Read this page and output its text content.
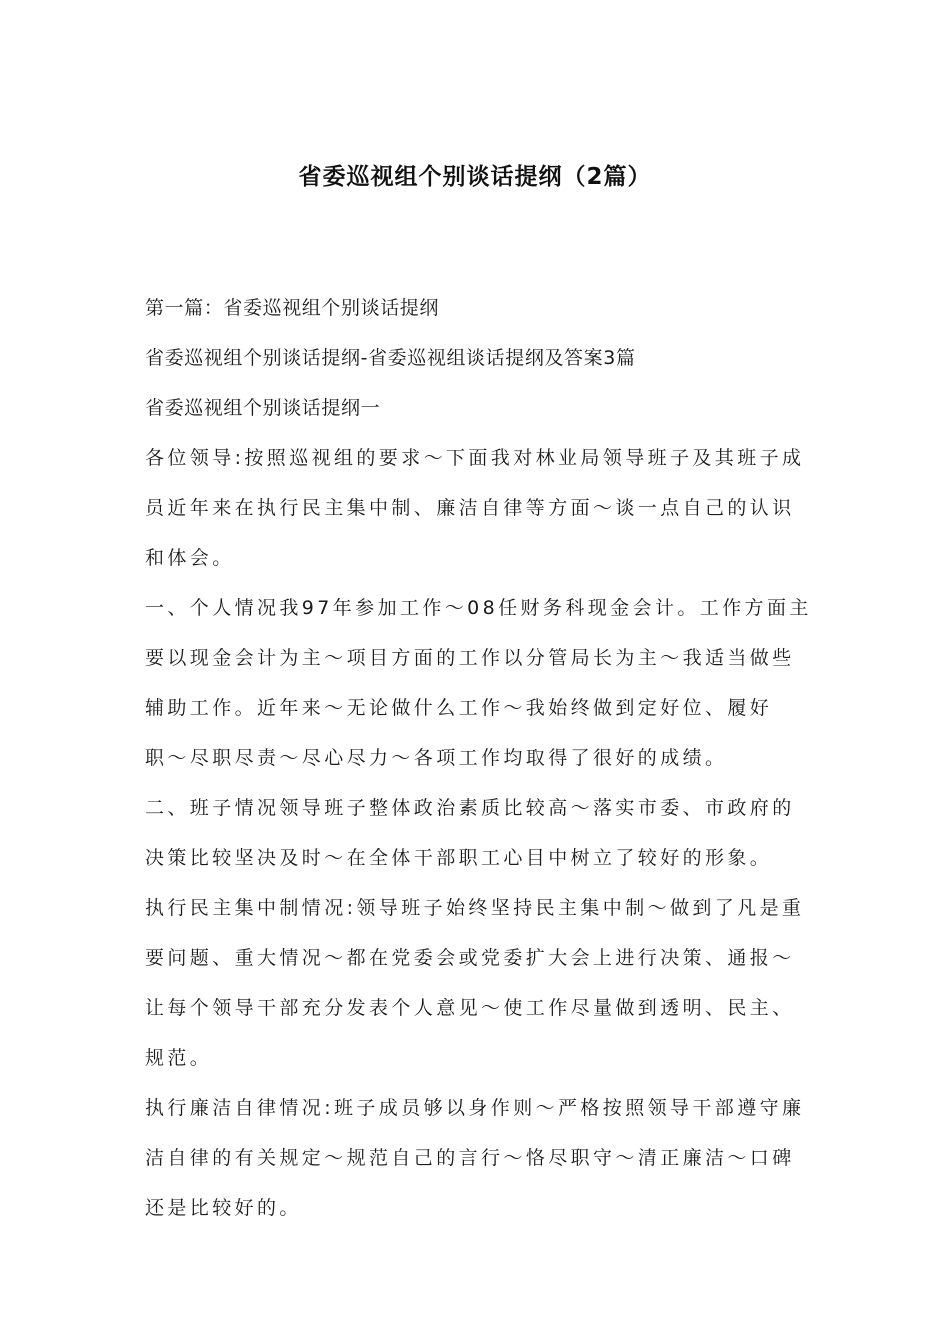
省委巡视组个别谈话提纲（2篇）
第一篇：省委巡视组个别谈话提纲
省委巡视组个别谈话提纲-省委巡视组谈话提纲及答案3篇
省委巡视组个别谈话提纲一
各位领导:按照巡视组的要求～下面我对林业局领导班子及其班子成
员近年来在执行民主集中制、廉洁自律等方面～谈一点自己的认识
和体会。
一、个人情况我97年参加工作～08任财务科现金会计。工作方面主
要以现金会计为主～项目方面的工作以分管局长为主～我适当做些
辅助工作。近年来～无论做什么工作～我始终做到定好位、履好
职～尽职尽责～尽心尽力～各项工作均取得了很好的成绩。
二、班子情况领导班子整体政治素质比较高～落实市委、市政府的
决策比较坚决及时～在全体干部职工心目中树立了较好的形象。
执行民主集中制情况:领导班子始终坚持民主集中制～做到了凡是重
要问题、重大情况～都在党委会或党委扩大会上进行决策、通报～
让每个领导干部充分发表个人意见～使工作尽量做到透明、民主、
规范。
执行廉洁自律情况:班子成员够以身作则～严格按照领导干部遵守廉
洁自律的有关规定～规范自己的言行～恪尽职守～清正廉洁～口碑
还是比较好的。
